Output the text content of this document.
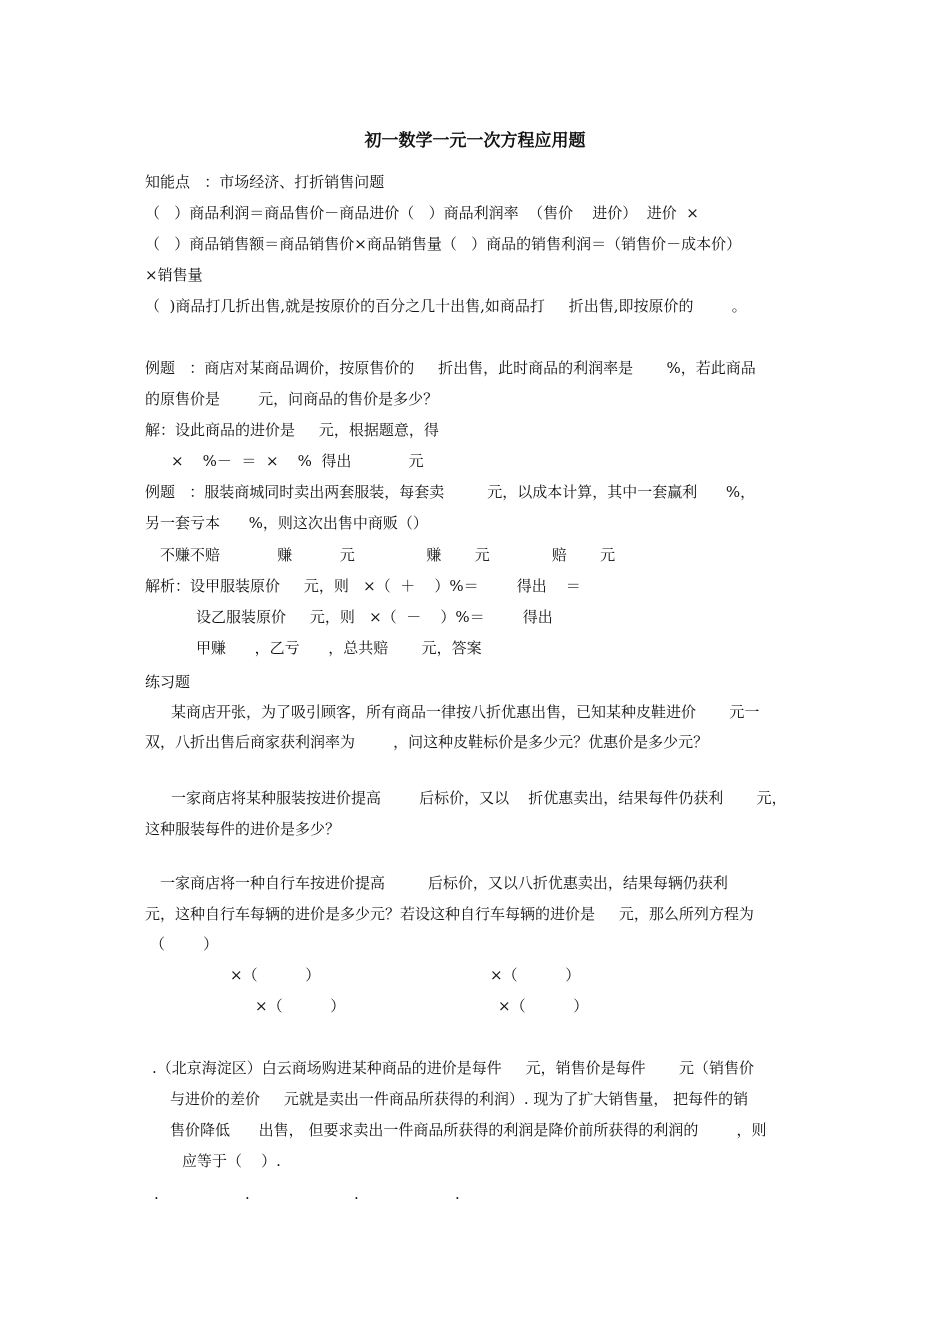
初一数学一元一次方程应用题
知能点   ：市场经济、打折销售问题
（   ）商品利润＝商品售价－商品进价（   ）商品利润率  （售价    进价）  进价  ×
（   ）商品销售额＝商品销售价×商品销售量（   ）商品的销售利润＝（销售价－成本价）
×销售量
（  )商品打几折出售,就是按原价的百分之几十出售,如商品打     折出售,即按原价的        。
例题   ：商店对某商品调价，按原售价的     折出售，此时商品的利润率是       %，若此商品
的原售价是        元，问商品的售价是多少？
解：设此商品的进价是     元，根据题意，得
×    %－  ＝  ×    %  得出            元
例题   ：服装商城同时卖出两套服装，每套卖         元，以成本计算，其中一套赢利      %，
另一套亏本      %，则这次出售中商贩（）
不赚不赔            赚          元               赚       元             赔       元
解析：设甲服装原价     元，则   ×（  ＋    ）%＝        得出    ＝
设乙服装原价     元，则   ×（  －    ）%＝        得出
甲赚      ，乙亏      ，总共赔       元，答案
练习题
某商店开张，为了吸引顾客，所有商品一律按八折优惠出售，已知某种皮鞋进价       元一
双，八折出售后商家获利润率为        ，问这种皮鞋标价是多少元？优惠价是多少元？
一家商店将某种服装按进价提高        后标价，又以    折优惠卖出，结果每件仍获利       元，
这种服装每件的进价是多少？
一家商店将一种自行车按进价提高         后标价，又以八折优惠卖出，结果每辆仍获利
元，这种自行车每辆的进价是多少元？若设这种自行车每辆的进价是     元，那么所列方程为
（        ）
×（          ）	×（          ）
×（          ）	×（          ）
.（北京海淀区）白云商场购进某种商品的进价是每件     元，销售价是每件       元（销售价
与进价的差价     元就是卖出一件商品所获得的利润）. 现为了扩大销售量， 把每件的销
售价降低      出售， 但要求卖出一件商品所获得的利润是降价前所获得的利润的        ，则
应等于（    ）.
.	.	.	.
